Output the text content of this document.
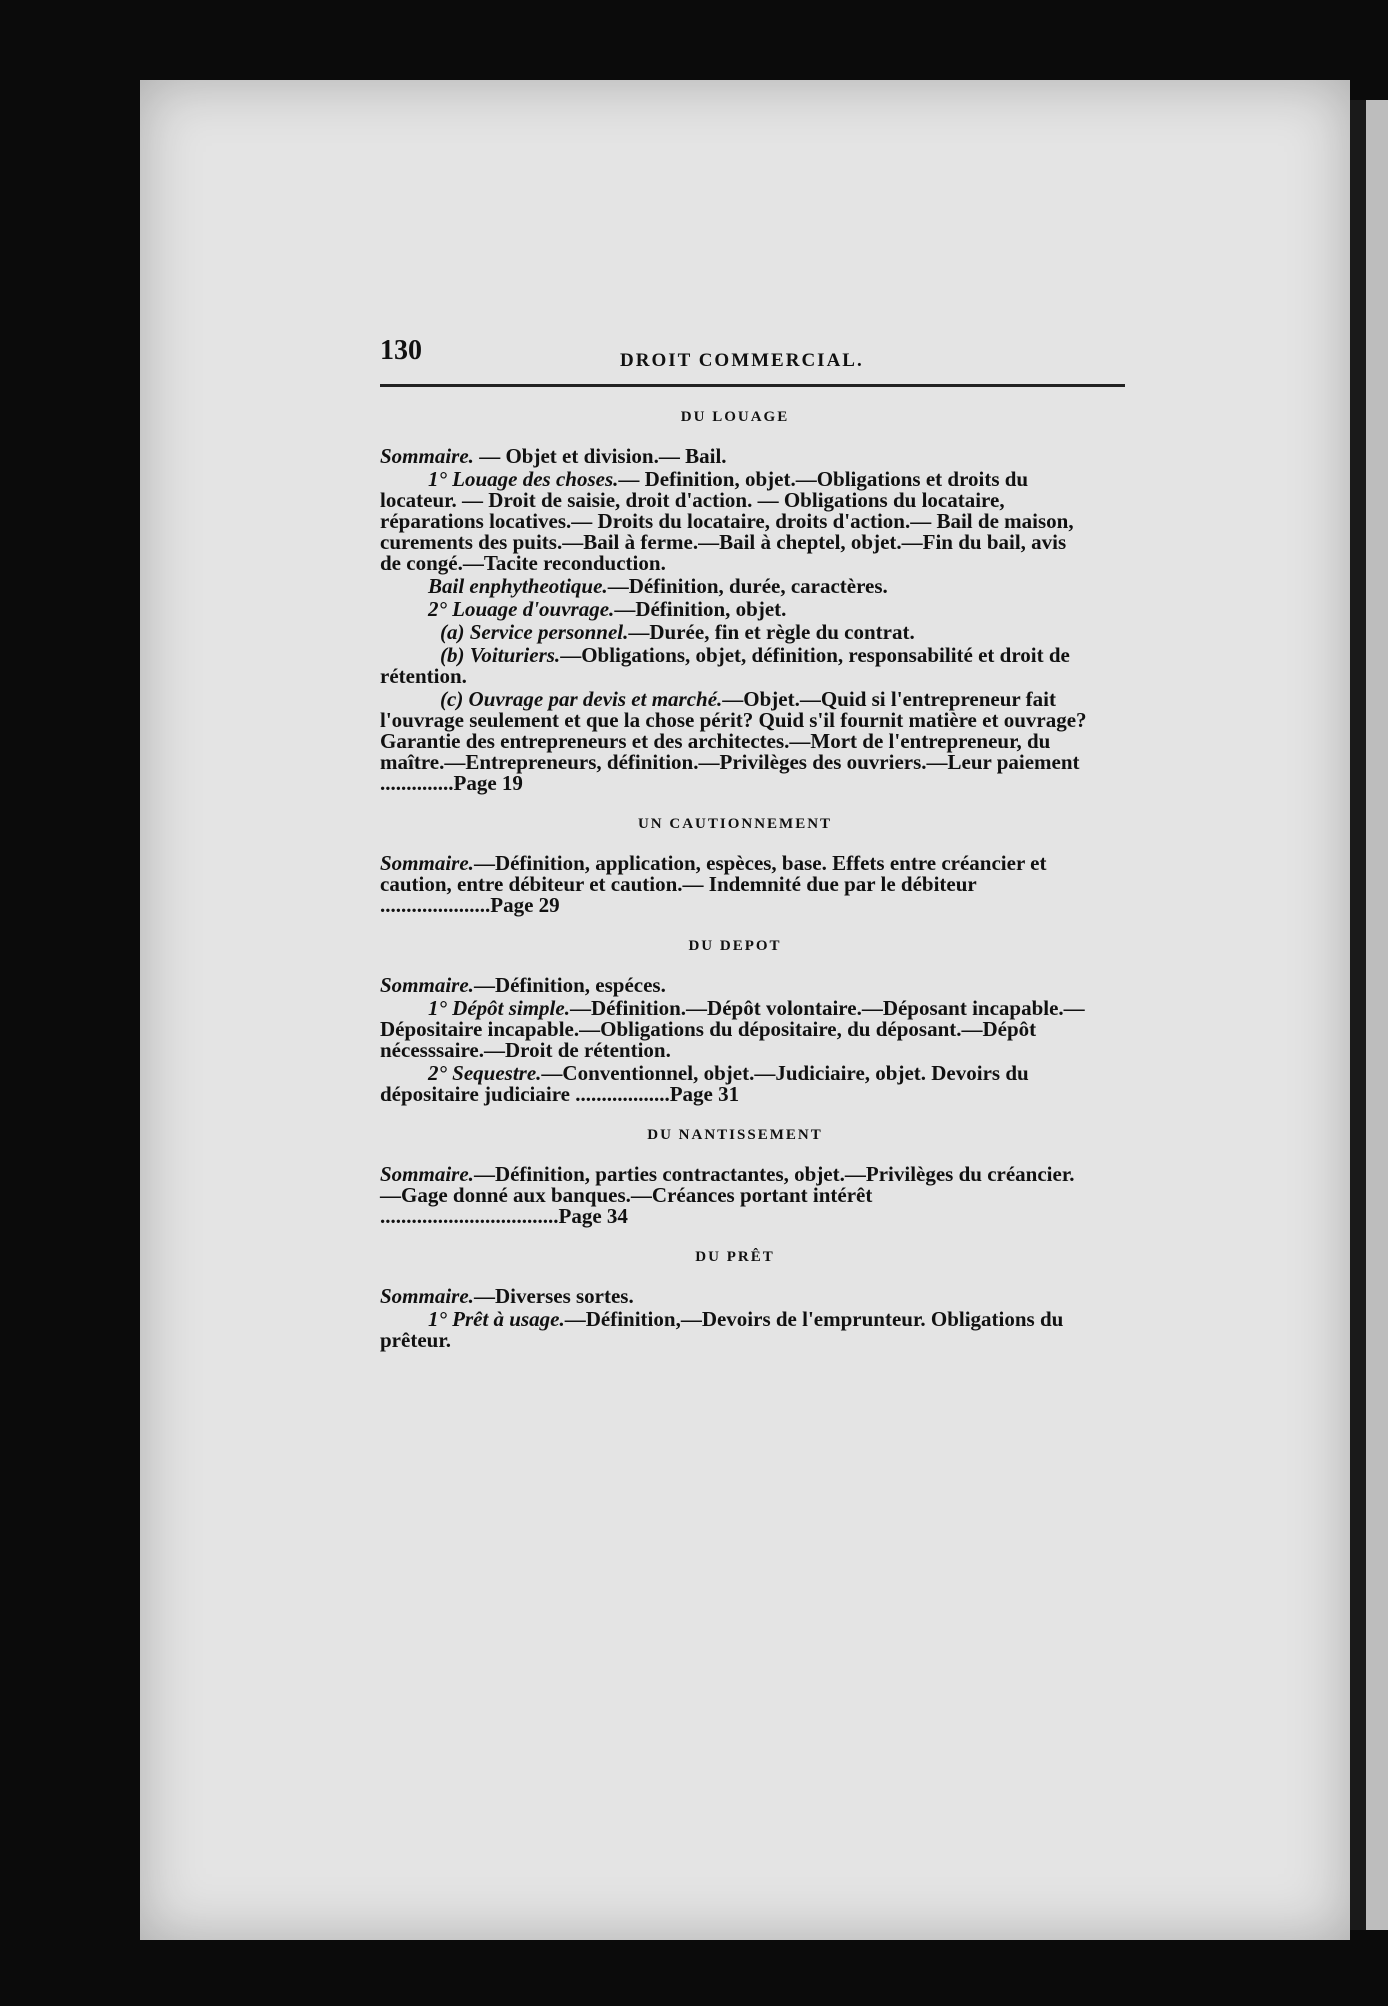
130	DROIT COMMERCIAL.
DU LOUAGE

Sommaire. — Objet et division.— Bail.

1° Louage des choses.— Definition, objet.—Obligations et droits du locateur. — Droit de saisie, droit d'action. — Obligations du locataire, réparations locatives.— Droits du locataire, droits d'action.— Bail de maison, curements des puits.—Bail à ferme.—Bail à cheptel, objet.—Fin du bail, avis de congé.—Tacite reconduction.

Bail enphytheotique.—Définition, durée, caractères.

2° Louage d'ouvrage.—Définition, objet.

(a) Service personnel.—Durée, fin et règle du contrat.

(b) Voituriers.—Obligations, objet, définition, responsabilité et droit de rétention.

(c) Ouvrage par devis et marché.—Objet.—Quid si l'entrepreneur fait l'ouvrage seulement et que la chose périt? Quid s'il fournit matière et ouvrage? Garantie des entrepreneurs et des architectes.—Mort de l'entrepreneur, du maître.—Entrepreneurs, définition.—Privilèges des ouvriers.—Leur paiement ..............Page 19

UN CAUTIONNEMENT

Sommaire.—Définition, application, espèces, base. Effets entre créancier et caution, entre débiteur et caution.— Indemnité due par le débiteur .....................Page 29

DU DEPOT

Sommaire.—Définition, espéces.

1° Dépôt simple.—Définition.—Dépôt volontaire.—Déposant incapable.—Dépositaire incapable.—Obligations du dépositaire, du déposant.—Dépôt nécesssaire.—Droit de rétention.

2° Sequestre.—Conventionnel, objet.—Judiciaire, objet. Devoirs du dépositaire judiciaire ..................Page 31

DU NANTISSEMENT

Sommaire.—Définition, parties contractantes, objet.—Privilèges du créancier.—Gage donné aux banques.—Créances portant intérêt ..................................Page 34

DU PRÊT

Sommaire.—Diverses sortes.

1° Prêt à usage.—Définition,—Devoirs de l'emprunteur. Obligations du prêteur.
